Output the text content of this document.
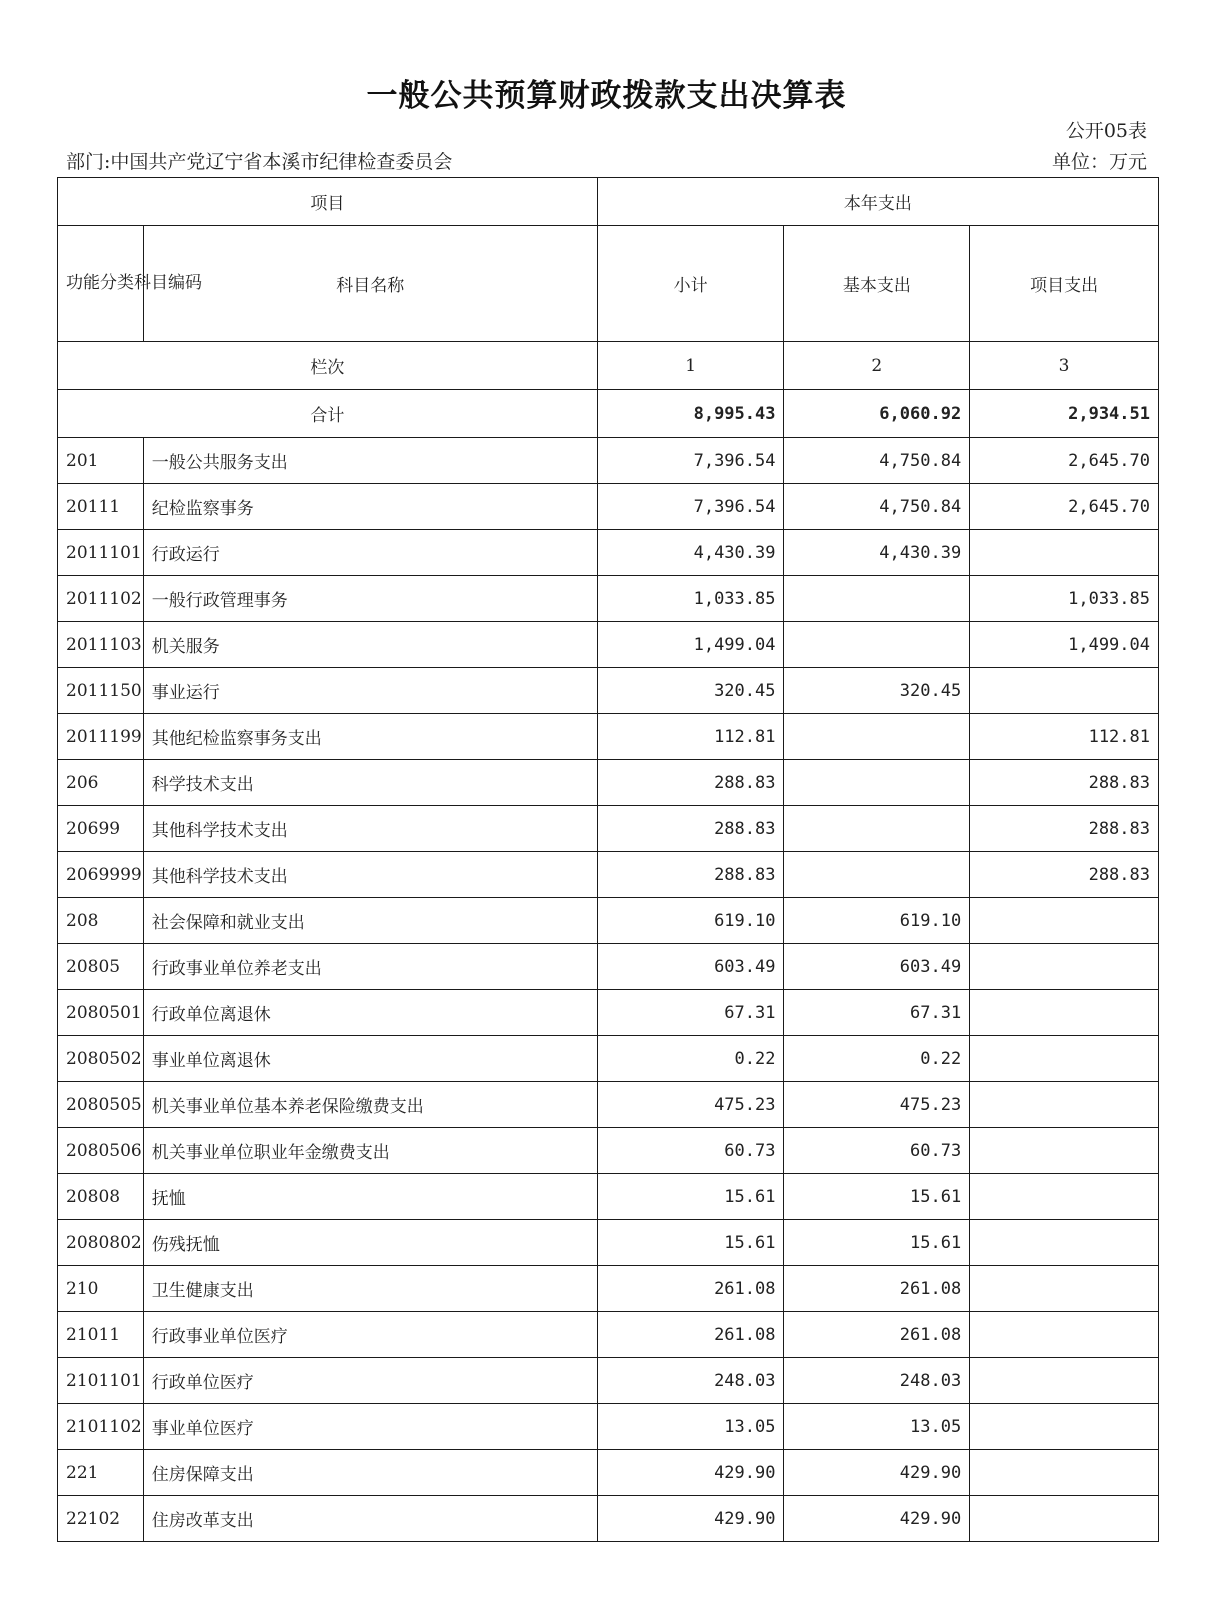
一般公共预算财政拨款支出决算表
公开05表
部门:中国共产党辽宁省本溪市纪律检查委员会	单位：万元
项目		本年支出		
功能分类科目编码	科目名称	小计	基本支出	项目支出
栏次		1	2	3
合计		8,995.43	6,060.92	2,934.51
201	一般公共服务支出	7,396.54	4,750.84	2,645.70
20111	纪检监察事务	7,396.54	4,750.84	2,645.70
2011101	行政运行	4,430.39	4,430.39	
2011102	一般行政管理事务	1,033.85		1,033.85
2011103	机关服务	1,499.04		1,499.04
2011150	事业运行	320.45	320.45	
2011199	其他纪检监察事务支出	112.81		112.81
206	科学技术支出	288.83		288.83
20699	其他科学技术支出	288.83		288.83
2069999	其他科学技术支出	288.83		288.83
208	社会保障和就业支出	619.10	619.10	
20805	行政事业单位养老支出	603.49	603.49	
2080501	行政单位离退休	67.31	67.31	
2080502	事业单位离退休	0.22	0.22	
2080505	机关事业单位基本养老保险缴费支出	475.23	475.23	
2080506	机关事业单位职业年金缴费支出	60.73	60.73	
20808	抚恤	15.61	15.61	
2080802	伤残抚恤	15.61	15.61	
210	卫生健康支出	261.08	261.08	
21011	行政事业单位医疗	261.08	261.08	
2101101	行政单位医疗	248.03	248.03	
2101102	事业单位医疗	13.05	13.05	
221	住房保障支出	429.90	429.90	
22102	住房改革支出	429.90	429.90	
